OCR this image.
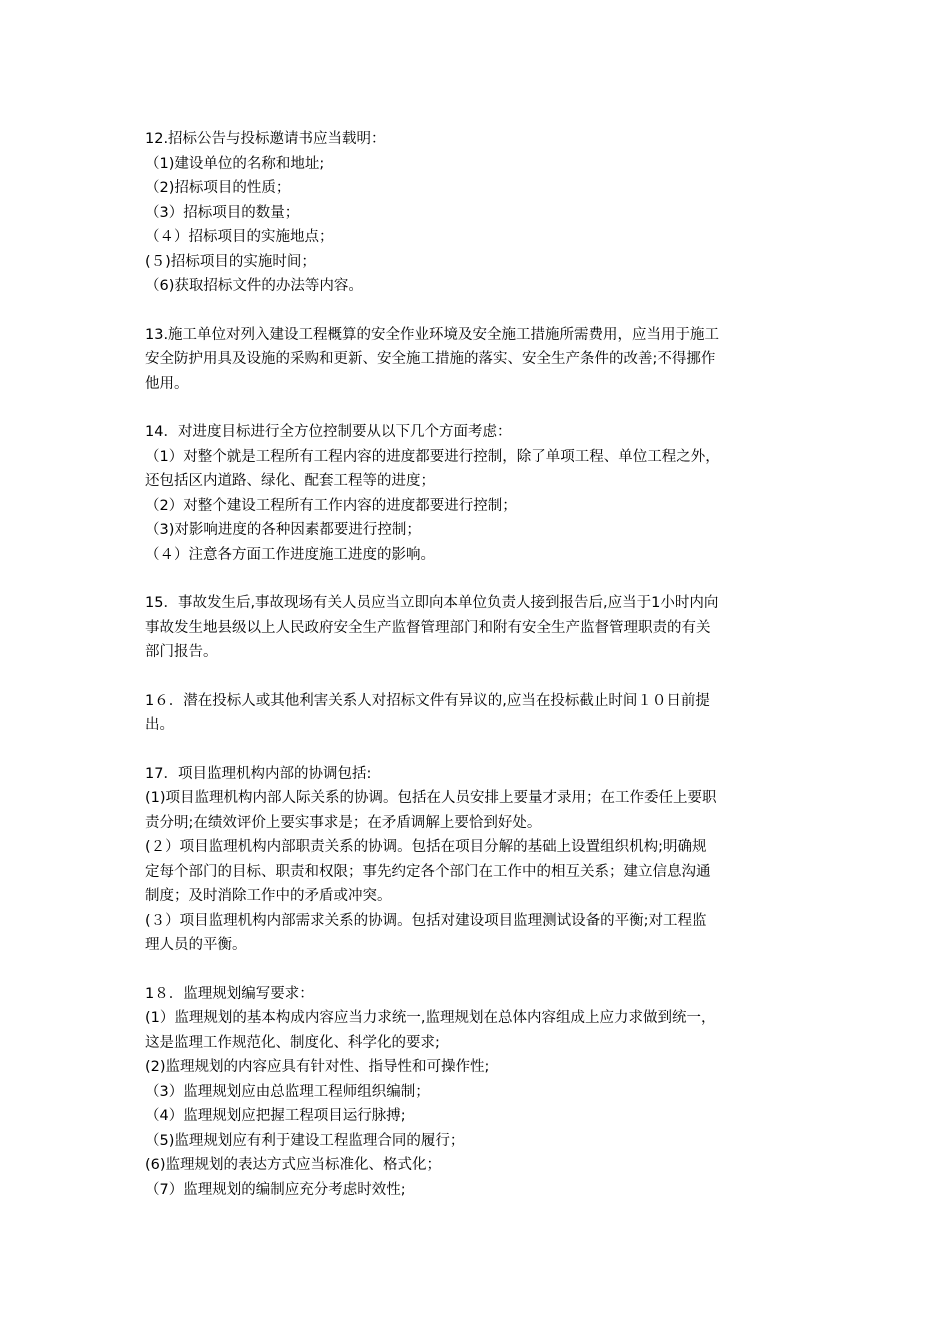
12.招标公告与投标邀请书应当载明：
（1)建设单位的名称和地址;
（2)招标项目的性质；
（3）招标项目的数量；
（４）招标项目的实施地点；
(５)招标项目的实施时间；
（6)获取招标文件的办法等内容。
13.施工单位对列入建设工程概算的安全作业环境及安全施工措施所需费用，应当用于施工
安全防护用具及设施的采购和更新、安全施工措施的落实、安全生产条件的改善;不得挪作
他用。
14．对进度目标进行全方位控制要从以下几个方面考虑：
（1）对整个就是工程所有工程内容的进度都要进行控制，除了单项工程、单位工程之外，
还包括区内道路、绿化、配套工程等的进度；
（2）对整个建设工程所有工作内容的进度都要进行控制；
（3)对影响进度的各种因素都要进行控制；
（４）注意各方面工作进度施工进度的影响。
15．事故发生后,事故现场有关人员应当立即向本单位负责人接到报告后,应当于1小时内向
事故发生地县级以上人民政府安全生产监督管理部门和附有安全生产监督管理职责的有关
部门报告。
1６．潜在投标人或其他利害关系人对招标文件有异议的,应当在投标截止时间１０日前提
出。
17．项目监理机构内部的协调包括:
(1)项目监理机构内部人际关系的协调。包括在人员安排上要量才录用；在工作委任上要职
责分明;在绩效评价上要实事求是；在矛盾调解上要恰到好处。
(２）项目监理机构内部职责关系的协调。包括在项目分解的基础上设置组织机构;明确规
定每个部门的目标、职责和权限；事先约定各个部门在工作中的相互关系；建立信息沟通
制度；及时消除工作中的矛盾或冲突。
(３）项目监理机构内部需求关系的协调。包括对建设项目监理测试设备的平衡;对工程监
理人员的平衡。
1８．监理规划编写要求：
(1）监理规划的基本构成内容应当力求统一,监理规划在总体内容组成上应力求做到统一，
这是监理工作规范化、制度化、科学化的要求;
(2)监理规划的内容应具有针对性、指导性和可操作性;
（3）监理规划应由总监理工程师组织编制；
（4）监理规划应把握工程项目运行脉搏;
（5)监理规划应有利于建设工程监理合同的履行；
(6)监理规划的表达方式应当标准化、格式化；
（7）监理规划的编制应充分考虑时效性;
